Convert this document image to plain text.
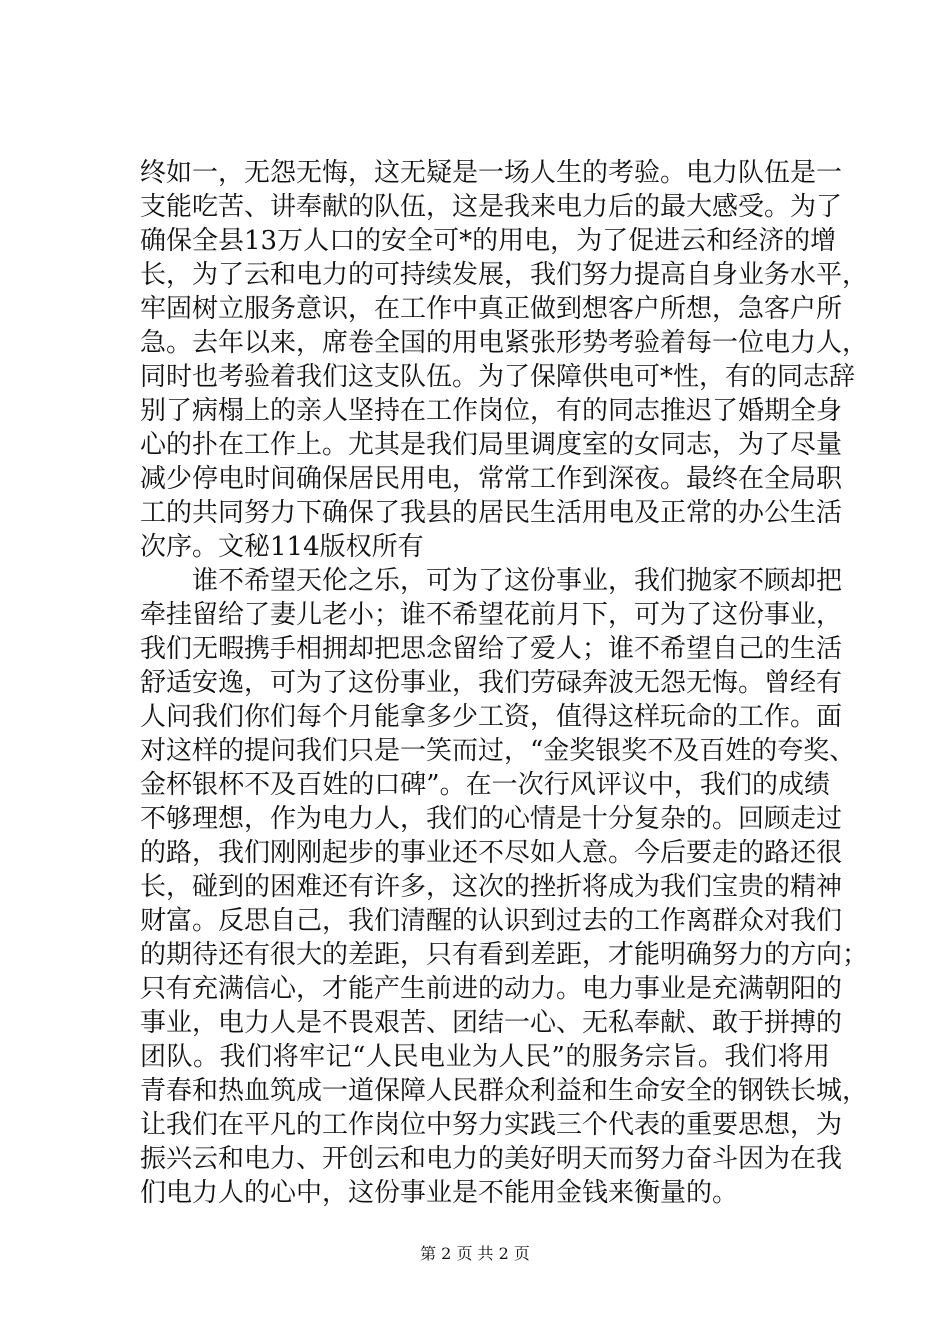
终如一，无怨无悔，这无疑是一场人生的考验。电力队伍是一
支能吃苦、讲奉献的队伍，这是我来电力后的最大感受。为了
确保全县13万人口的安全可*的用电，为了促进云和经济的增
长，为了云和电力的可持续发展，我们努力提高自身业务水平，
牢固树立服务意识，在工作中真正做到想客户所想，急客户所
急。去年以来，席卷全国的用电紧张形势考验着每一位电力人，
同时也考验着我们这支队伍。为了保障供电可*性，有的同志辞
别了病榻上的亲人坚持在工作岗位，有的同志推迟了婚期全身
心的扑在工作上。尤其是我们局里调度室的女同志，为了尽量
减少停电时间确保居民用电，常常工作到深夜。最终在全局职
工的共同努力下确保了我县的居民生活用电及正常的办公生活
次序。文秘114版权所有
　　谁不希望天伦之乐，可为了这份事业，我们抛家不顾却把
牵挂留给了妻儿老小；谁不希望花前月下，可为了这份事业，
我们无暇携手相拥却把思念留给了爱人；谁不希望自己的生活
舒适安逸，可为了这份事业，我们劳碌奔波无怨无悔。曾经有
人问我们你们每个月能拿多少工资，值得这样玩命的工作。面
对这样的提问我们只是一笑而过，“金奖银奖不及百姓的夸奖、
金杯银杯不及百姓的口碑”。在一次行风评议中，我们的成绩
不够理想，作为电力人，我们的心情是十分复杂的。回顾走过
的路，我们刚刚起步的事业还不尽如人意。今后要走的路还很
长，碰到的困难还有许多，这次的挫折将成为我们宝贵的精神
财富。反思自己，我们清醒的认识到过去的工作离群众对我们
的期待还有很大的差距，只有看到差距，才能明确努力的方向；
只有充满信心，才能产生前进的动力。电力事业是充满朝阳的
事业，电力人是不畏艰苦、团结一心、无私奉献、敢于拼搏的
团队。我们将牢记“人民电业为人民”的服务宗旨。我们将用
青春和热血筑成一道保障人民群众利益和生命安全的钢铁长城，
让我们在平凡的工作岗位中努力实践三个代表的重要思想，为
振兴云和电力、开创云和电力的美好明天而努力奋斗因为在我
们电力人的心中，这份事业是不能用金钱来衡量的。
第 2 页 共 2 页
